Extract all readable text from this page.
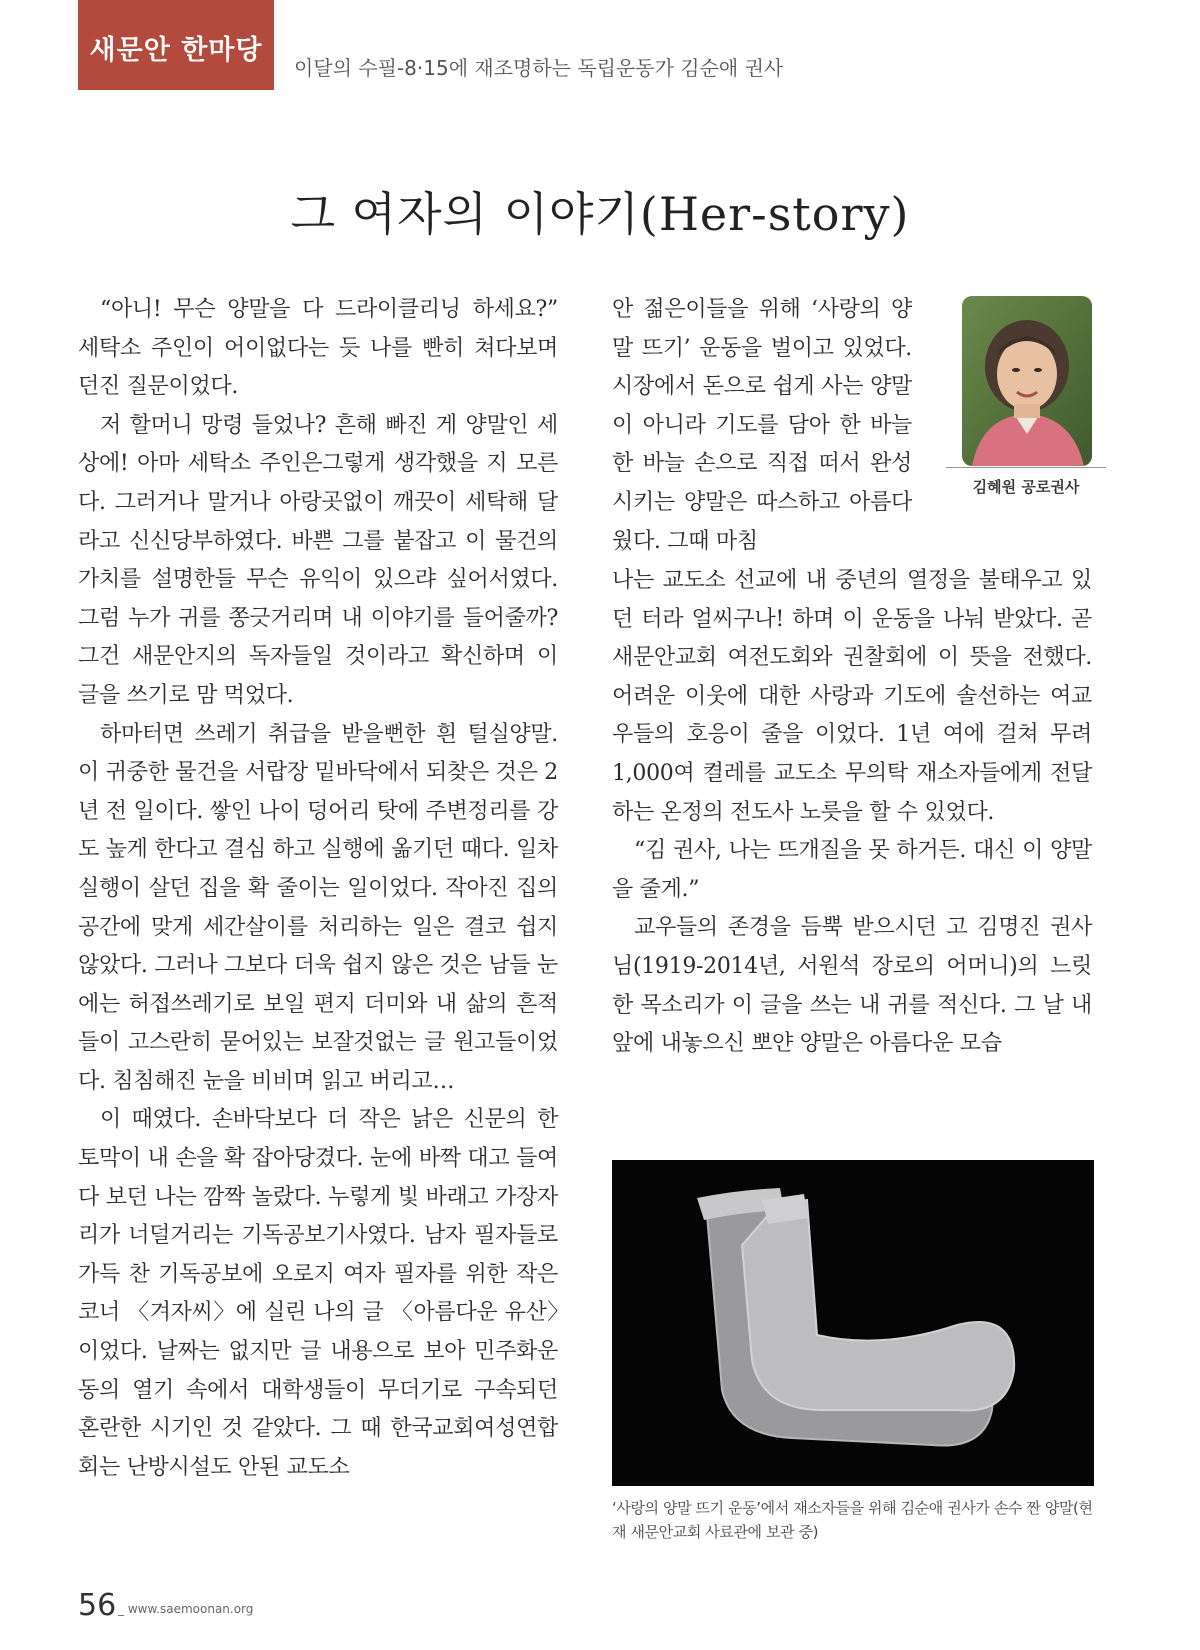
새문안 한마당
이달의 수필-8·15에 재조명하는 독립운동가 김순애 권사
그 여자의 이야기(Her-story)

“아니! 무슨 양말을 다 드라이클리닝 하세요?” 세탁소 주인이 어이없다는 듯 나를 빤히 쳐다보며 던진 질문이었다.

저 할머니 망령 들었나? 흔해 빠진 게 양말인 세상에! 아마 세탁소 주인은그렇게 생각했을 지 모른다. 그러거나 말거나 아랑곳없이 깨끗이 세탁해 달라고 신신당부하였다. 바쁜 그를 붙잡고 이 물건의 가치를 설명한들 무슨 유익이 있으랴 싶어서였다. 그럼 누가 귀를 쫑긋거리며 내 이야기를 들어줄까? 그건 새문안지의 독자들일 것이라고 확신하며 이 글을 쓰기로 맘 먹었다.

하마터면 쓰레기 취급을 받을뻔한 흰 털실양말. 이 귀중한 물건을 서랍장 밑바닥에서 되찾은 것은 2년 전 일이다. 쌓인 나이 덩어리 탓에 주변정리를 강도 높게 한다고 결심 하고 실행에 옮기던 때다. 일차 실행이 살던 집을 확 줄이는 일이었다. 작아진 집의 공간에 맞게 세간살이를 처리하는 일은 결코 쉽지 않았다. 그러나 그보다 더욱 쉽지 않은 것은 남들 눈에는 허접쓰레기로 보일 편지 더미와 내 삶의 흔적들이 고스란히 묻어있는 보잘것없는 글 원고들이었다. 침침해진 눈을 비비며 읽고 버리고…

이 때였다. 손바닥보다 더 작은 낡은 신문의 한 토막이 내 손을 확 잡아당겼다. 눈에 바짝 대고 들여다 보던 나는 깜짝 놀랐다. 누렇게 빛 바래고 가장자리가 너덜거리는 기독공보기사였다. 남자 필자들로 가득 찬 기독공보에 오로지 여자 필자를 위한 작은 코너 〈겨자씨〉에 실린 나의 글 〈아름다운 유산〉이었다. 날짜는 없지만 글 내용으로 보아 민주화운동의 열기 속에서 대학생들이 무더기로 구속되던 혼란한 시기인 것 같았다. 그 때 한국교회여성연합회는 난방시설도 안된 교도소

안 젊은이들을 위해 ‘사랑의 양말 뜨기’ 운동을 벌이고 있었다. 시장에서 돈으로 쉽게 사는 양말이 아니라 기도를 담아 한 바늘 한 바늘 손으로 직접 떠서 완성시키는 양말은 따스하고 아름다웠다. 그때 마침

김혜원 공로권사

나는 교도소 선교에 내 중년의 열정을 불태우고 있던 터라 얼씨구나! 하며 이 운동을 나눠 받았다. 곧 새문안교회 여전도회와 권찰회에 이 뜻을 전했다. 어려운 이웃에 대한 사랑과 기도에 솔선하는 여교우들의 호응이 줄을 이었다. 1년 여에 걸쳐 무려 1,000여 켤레를 교도소 무의탁 재소자들에게 전달하는 온정의 전도사 노릇을 할 수 있었다.

“김 권사, 나는 뜨개질을 못 하거든. 대신 이 양말을 줄게.”

교우들의 존경을 듬뿍 받으시던 고 김명진 권사님(1919-2014년, 서원석 장로의 어머니)의 느릿한 목소리가 이 글을 쓰는 내 귀를 적신다. 그 날 내 앞에 내놓으신 뽀얀 양말은 아름다운 모습

‘사랑의 양말 뜨기 운동’에서 재소자들을 위해 김순애 권사가 손수 짠 양말(현재 새문안교회 사료관에 보관 중)
56 _ www.saemoonan.org
